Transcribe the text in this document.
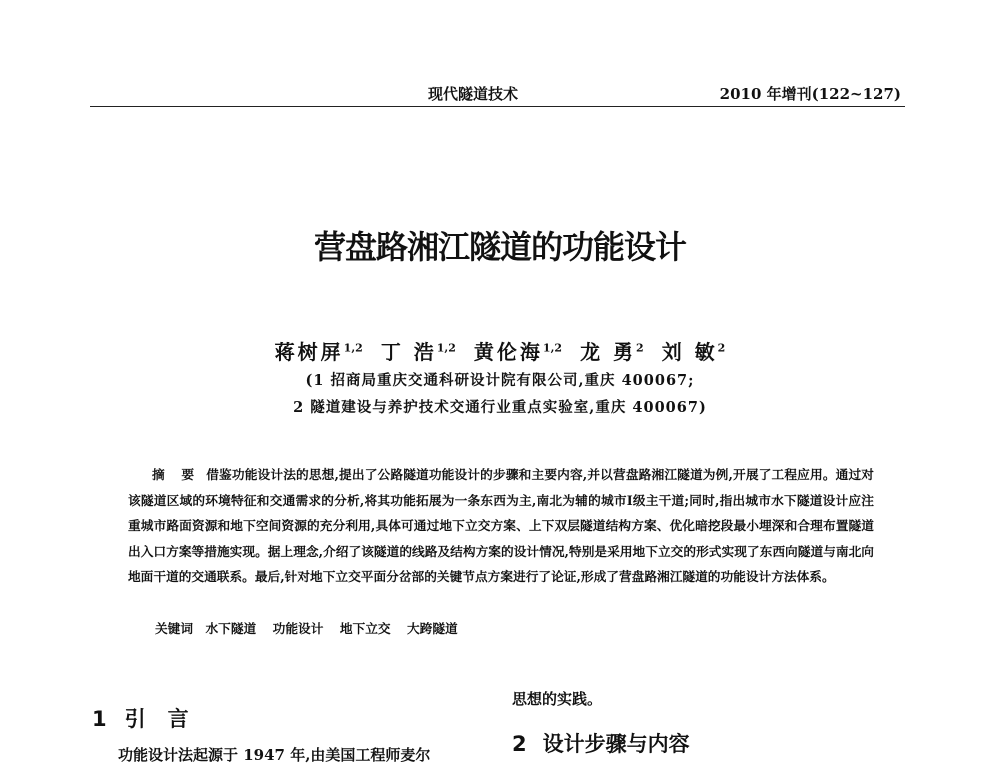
现代隧道技术	2010 年增刊(122~127)
营盘路湘江隧道的功能设计
蒋树屏$^{1,2}$ 丁 浩$^{1,2}$ 黄伦海$^{1,2}$ 龙 勇$^2$ 刘 敏$^2$
(1 招商局重庆交通科研设计院有限公司,重庆 400067;
2 隧道建设与养护技术交通行业重点实验室,重庆 400067)

摘 要 借鉴功能设计法的思想,提出了公路隧道功能设计的步骤和主要内容,并以营盘路湘江隧道为例,开展了工程应用。通过对该隧道区域的环境特征和交通需求的分析,将其功能拓展为一条东西为主,南北为辅的城市Ⅰ级主干道;同时,指出城市水下隧道设计应注重城市路面资源和地下空间资源的充分利用,具体可通过地下立交方案、上下双层隧道结构方案、优化暗挖段最小埋深和合理布置隧道出入口方案等措施实现。据上理念,介绍了该隧道的线路及结构方案的设计情况,特别是采用地下立交的形式实现了东西向隧道与南北向地面干道的交通联系。最后,针对地下立交平面分岔部的关键节点方案进行了论证,形成了营盘路湘江隧道的功能设计方法体系。

关键词 水下隧道 功能设计 地下立交 大跨隧道
1 引言
功能设计法起源于 1947 年,由美国工程师麦尔
思想的实践。
2 设计步骤与内容
